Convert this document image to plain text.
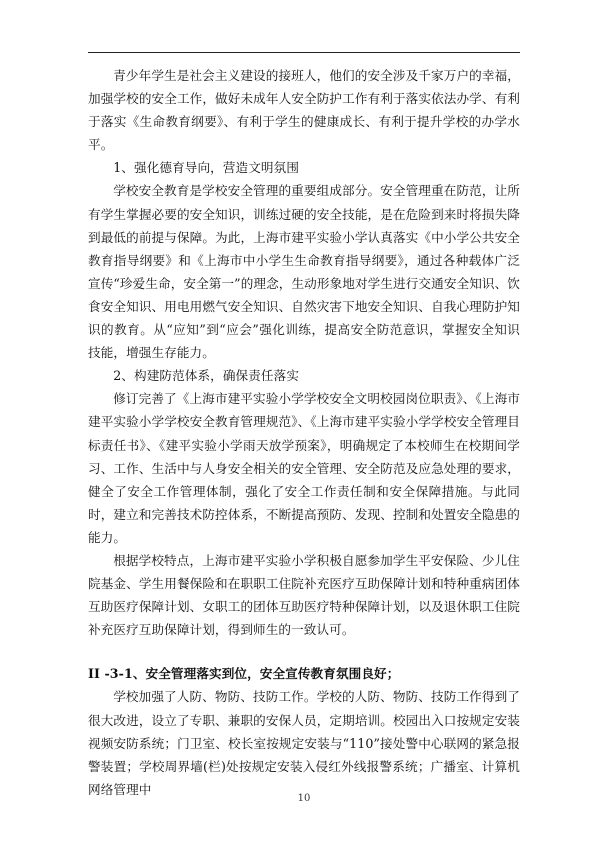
青少年学生是社会主义建设的接班人，他们的安全涉及千家万户的幸福，加强学校的安全工作，做好未成年人安全防护工作有利于落实依法办学、有利于落实《生命教育纲要》、有利于学生的健康成长、有利于提升学校的办学水平。

1、强化德育导向，营造文明氛围

学校安全教育是学校安全管理的重要组成部分。安全管理重在防范，让所有学生掌握必要的安全知识，训练过硬的安全技能，是在危险到来时将损失降到最低的前提与保障。为此，上海市建平实验小学认真落实《中小学公共安全教育指导纲要》和《上海市中小学生生命教育指导纲要》，通过各种载体广泛宣传“珍爱生命，安全第一”的理念，生动形象地对学生进行交通安全知识、饮食安全知识、用电用燃气安全知识、自然灾害下地安全知识、自我心理防护知识的教育。从“应知”到“应会”强化训练，提高安全防范意识，掌握安全知识技能，增强生存能力。

2、构建防范体系，确保责任落实

修订完善了《上海市建平实验小学学校安全文明校园岗位职责》、《上海市建平实验小学学校安全教育管理规范》、《上海市建平实验小学学校安全管理目标责任书》、《建平实验小学雨天放学预案》，明确规定了本校师生在校期间学习、工作、生活中与人身安全相关的安全管理、安全防范及应急处理的要求，健全了安全工作管理体制，强化了安全工作责任制和安全保障措施。与此同时，建立和完善技术防控体系，不断提高预防、发现、控制和处置安全隐患的能力。

根据学校特点，上海市建平实验小学积极自愿参加学生平安保险、少儿住院基金、学生用餐保险和在职职工住院补充医疗互助保障计划和特种重病团体互助医疗保障计划、女职工的团体互助医疗特种保障计划，以及退休职工住院补充医疗互助保障计划，得到师生的一致认可。

II -3-1、安全管理落实到位，安全宣传教育氛围良好；

学校加强了人防、物防、技防工作。学校的人防、物防、技防工作得到了很大改进，设立了专职、兼职的安保人员，定期培训。校园出入口按规定安装视频安防系统；门卫室、校长室按规定安装与“110”接处警中心联网的紧急报警装置；学校周界墙(栏)处按规定安装入侵红外线报警系统；广播室、计算机网络管理中

10
